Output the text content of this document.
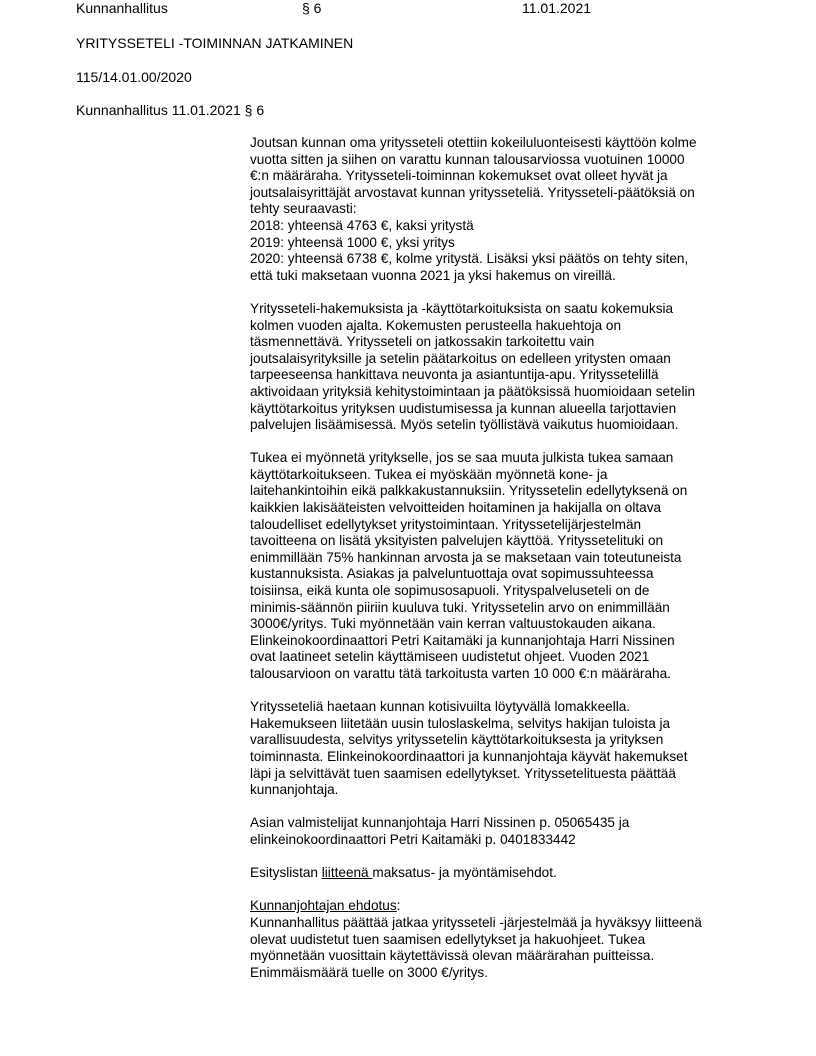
Kunnanhallitus	§ 6	11.01.2021
YRITYSSETELI -TOIMINNAN JATKAMINEN
115/14.01.00/2020
Kunnanhallitus 11.01.2021 § 6

Joutsan kunnan oma yritysseteli otettiin kokeiluluonteisesti käyttöön kolme
vuotta sitten ja siihen on varattu kunnan talousarviossa vuotuinen 10000
€:n määräraha. Yritysseteli-toiminnan kokemukset ovat olleet hyvät ja
joutsalaisyrittäjät arvostavat kunnan yritysseteliä. Yritysseteli-päätöksiä on
tehty seuraavasti:
2018: yhteensä 4763 €, kaksi yritystä
2019: yhteensä 1000 €, yksi yritys
2020: yhteensä 6738 €, kolme yritystä. Lisäksi yksi päätös on tehty siten,
että tuki maksetaan vuonna 2021 ja yksi hakemus on vireillä.

Yritysseteli-hakemuksista ja -käyttötarkoituksista on saatu kokemuksia
kolmen vuoden ajalta. Kokemusten perusteella hakuehtoja on
täsmennettävä. Yritysseteli on jatkossakin tarkoitettu vain
joutsalaisyrityksille ja setelin päätarkoitus on edelleen yritysten omaan
tarpeeseensa hankittava neuvonta ja asiantuntija-apu. Yrityssetelillä
aktivoidaan yrityksiä kehitystoimintaan ja päätöksissä huomioidaan setelin
käyttötarkoitus yrityksen uudistumisessa ja kunnan alueella tarjottavien
palvelujen lisäämisessä. Myös setelin työllistävä vaikutus huomioidaan.

Tukea ei myönnetä yritykselle, jos se saa muuta julkista tukea samaan
käyttötarkoitukseen. Tukea ei myöskään myönnetä kone- ja
laitehankintoihin eikä palkkakustannuksiin. Yrityssetelin edellytyksenä on
kaikkien lakisääteisten velvoitteiden hoitaminen ja hakijalla on oltava
taloudelliset edellytykset yritystoimintaan. Yrityssetelijärjestelmän
tavoitteena on lisätä yksityisten palvelujen käyttöä. Yrityssetelituki on
enimmillään 75% hankinnan arvosta ja se maksetaan vain toteutuneista
kustannuksista. Asiakas ja palveluntuottaja ovat sopimussuhteessa
toisiinsa, eikä kunta ole sopimusosapuoli. Yrityspalveluseteli on de
minimis-säännön piiriin kuuluva tuki. Yrityssetelin arvo on enimmillään
3000€/yritys. Tuki myönnetään vain kerran valtuustokauden aikana.
Elinkeinokoordinaattori Petri Kaitamäki ja kunnanjohtaja Harri Nissinen
ovat laatineet setelin käyttämiseen uudistetut ohjeet. Vuoden 2021
talousarvioon on varattu tätä tarkoitusta varten 10 000 €:n määräraha.

Yritysseteliä haetaan kunnan kotisivuilta löytyvällä lomakkeella.
Hakemukseen liitetään uusin tuloslaskelma, selvitys hakijan tuloista ja
varallisuudesta, selvitys yrityssetelin käyttötarkoituksesta ja yrityksen
toiminnasta. Elinkeinokoordinaattori ja kunnanjohtaja käyvät hakemukset
läpi ja selvittävät tuen saamisen edellytykset. Yrityssetelituesta päättää
kunnanjohtaja.

Asian valmistelijat kunnanjohtaja Harri Nissinen p. 05065435 ja
elinkeinokoordinaattori Petri Kaitamäki p. 0401833442

Esityslistan liitteenä maksatus- ja myöntämisehdot.

Kunnanjohtajan ehdotus:
Kunnanhallitus päättää jatkaa yritysseteli -järjestelmää ja hyväksyy liitteenä
olevat uudistetut tuen saamisen edellytykset ja hakuohjeet. Tukea
myönnetään vuosittain käytettävissä olevan määrärahan puitteissa.
Enimmäismäärä tuelle on 3000 €/yritys.
